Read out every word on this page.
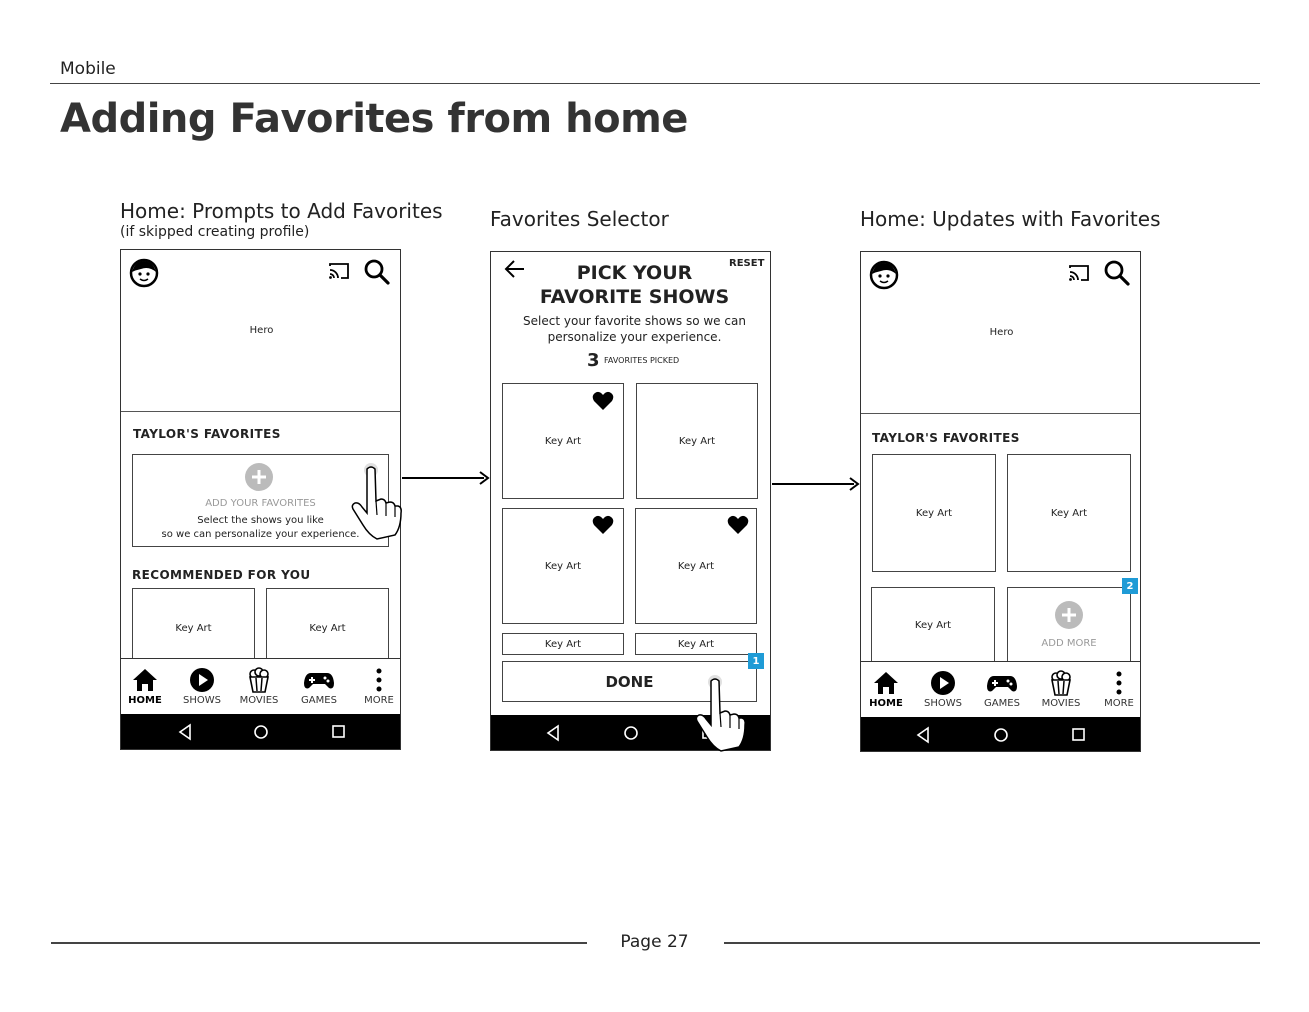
Mobile
Adding Favorites from home
Home: Prompts to Add Favorites
(if skipped creating profile)
Favorites Selector	Home: Updates with Favorites
Hero
TAYLOR'S FAVORITES
ADD YOUR FAVORITES
Select the shows you like
so we can personalize your experience.
RECOMMENDED FOR YOU
Key Art	Key Art
HOME SHOWS MOVIES GAMES	MORE
RESET
PICK YOUR
FAVORITE SHOWS
Select your favorite shows so we can
personalize your experience.
3 FAVORITES PICKED
Key Art	Key Art
Key Art	Key Art
Key Art	Key Art
DONE
1
Hero
TAYLOR'S FAVORITES
Key Art	Key Art
Key Art
ADD MORE
HOME SHOWS GAMES MOVIES MORE
2
Page 27
